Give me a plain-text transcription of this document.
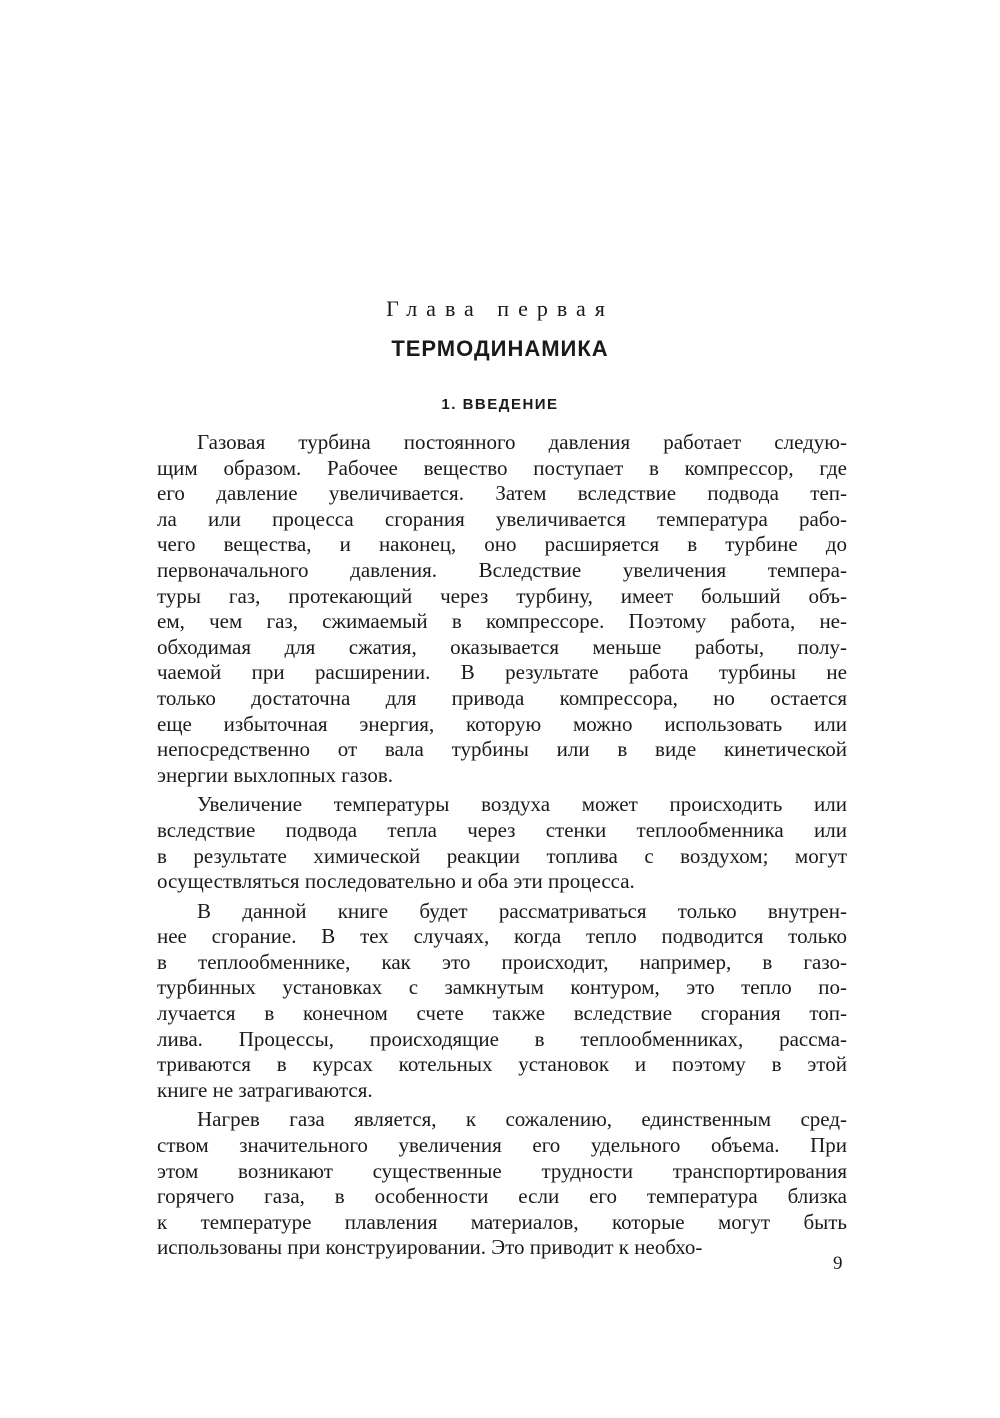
Глава первая
ТЕРМОДИНАМИКА
1. ВВЕДЕНИЕ
Газовая турбина постоянного давления работает следую-
щим образом. Рабочее вещество поступает в компрессор, где
его давление увеличивается. Затем вследствие подвода теп-
ла или процесса сгорания увеличивается температура рабо-
чего вещества, и наконец, оно расширяется в турбине до
первоначального давления. Вследствие увеличения темпера-
туры газ, протекающий через турбину, имеет больший объ-
ем, чем газ, сжимаемый в компрессоре. Поэтому работа, не-
обходимая для сжатия, оказывается меньше работы, полу-
чаемой при расширении. В результате работа турбины не
только достаточна для привода компрессора, но остается
еще избыточная энергия, которую можно использовать или
непосредственно от вала турбины или в виде кинетической
энергии выхлопных газов.
Увеличение температуры воздуха может происходить или
вследствие подвода тепла через стенки теплообменника или
в результате химической реакции топлива с воздухом; могут
осуществляться последовательно и оба эти процесса.
В данной книге будет рассматриваться только внутрен-
нее сгорание. В тех случаях, когда тепло подводится только
в теплообменнике, как это происходит, например, в газо-
турбинных установках с замкнутым контуром, это тепло по-
лучается в конечном счете также вследствие сгорания топ-
лива. Процессы, происходящие в теплообменниках, рассма-
триваются в курсах котельных установок и поэтому в этой
книге не затрагиваются.
Нагрев газа является, к сожалению, единственным сред-
ством значительного увеличения его удельного объема. При
этом возникают существенные трудности транспортирования
горячего газа, в особенности если его температура близка
к температуре плавления материалов, которые могут быть
использованы при конструировании. Это приводит к необхо-
9
